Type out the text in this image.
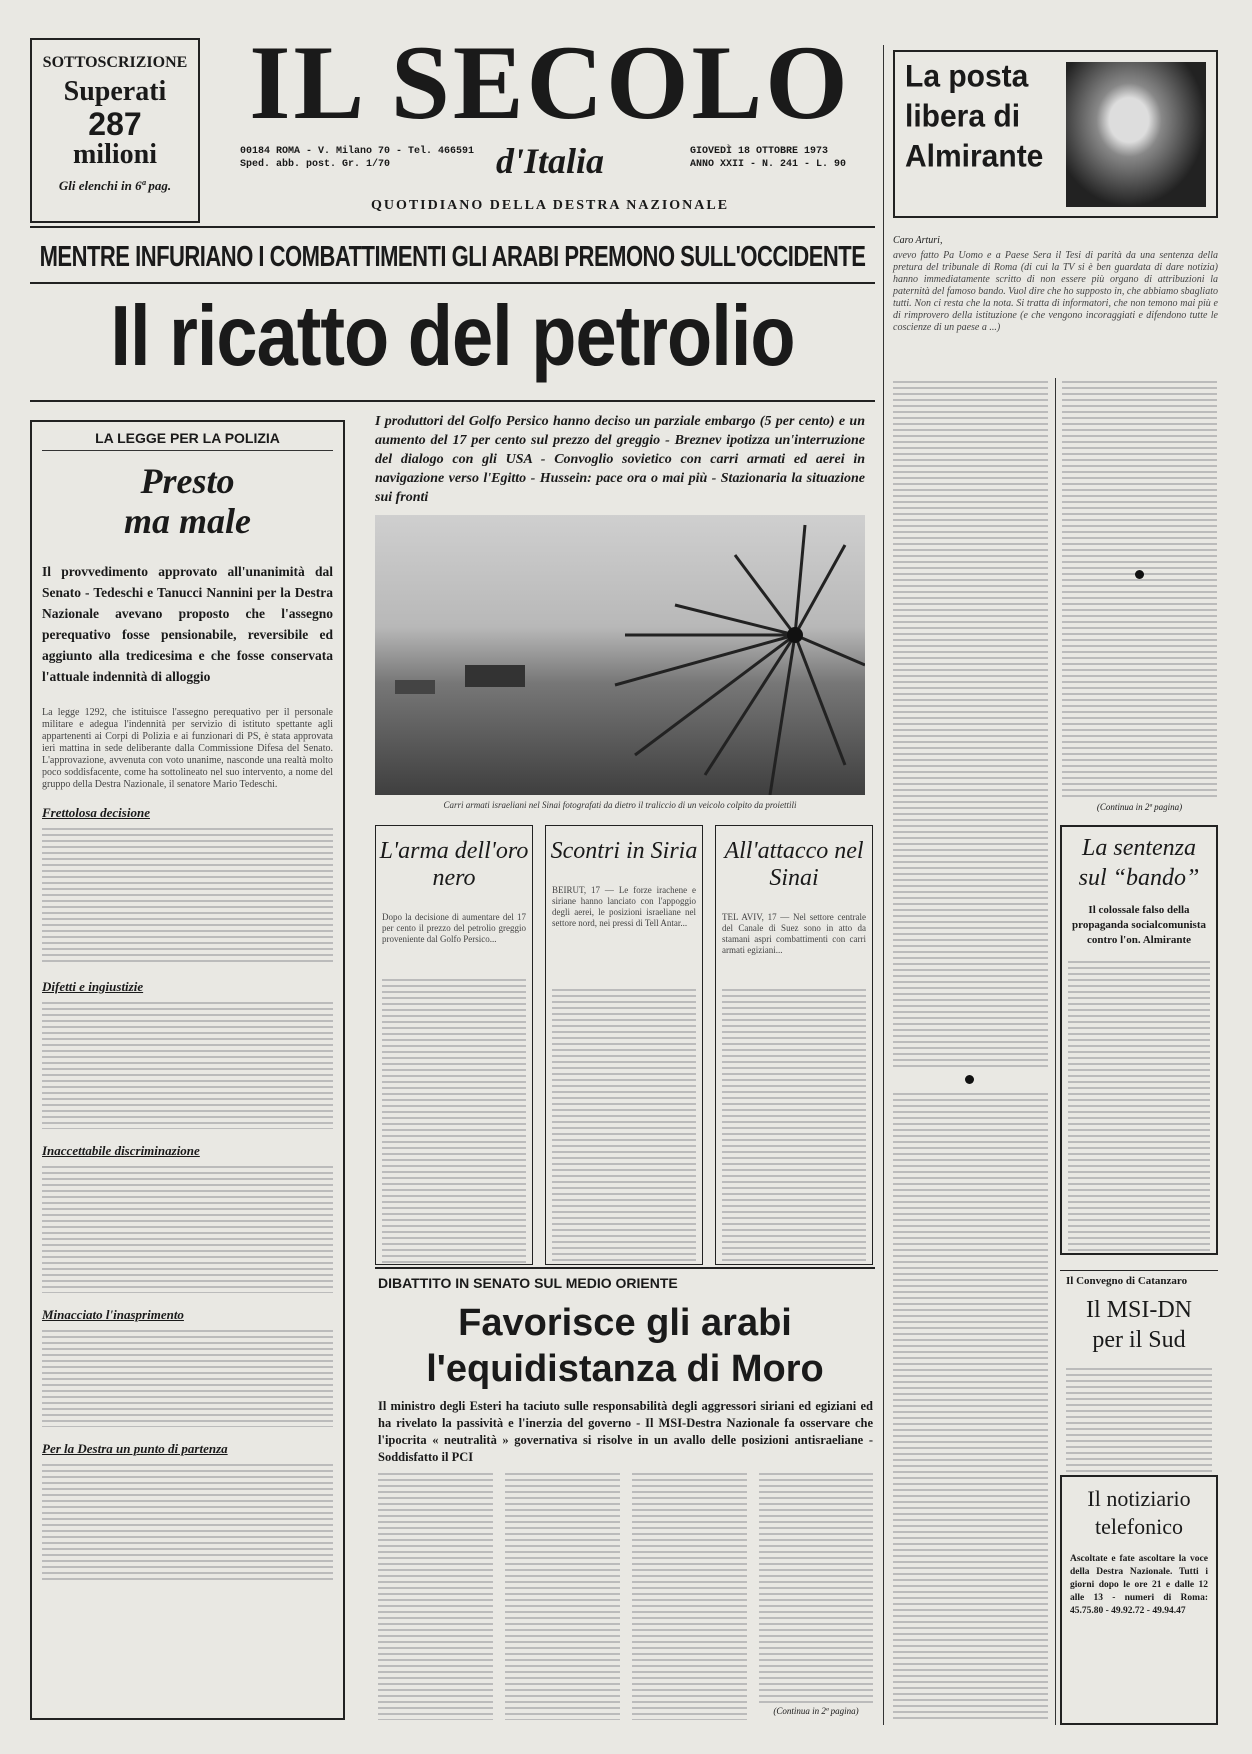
SOTTOSCRIZIONE
Superati
287
milioni
Gli elenchi in 6ª pag.
IL SECOLO
00184 ROMA - V. Milano 70 - Tel. 466591
Sped. abb. post. Gr. 1/70	d'Italia	GIOVEDÌ 18 OTTOBRE 1973
ANNO XXII - N. 241 - L. 90
QUOTIDIANO DELLA DESTRA NAZIONALE
MENTRE INFURIANO I COMBATTIMENTI GLI ARABI PREMONO SULL'OCCIDENTE
Il ricatto del petrolio
LA LEGGE PER LA POLIZIA
Presto
ma male
Il provvedimento approvato all'unanimità dal Senato - Tedeschi e Tanucci Nannini per la Destra Nazionale avevano proposto che l'assegno perequativo fosse pensionabile, reversibile ed aggiunto alla tredicesima e che fosse conservata l'attuale indennità di alloggio
La legge 1292, che istituisce l'assegno perequativo per il personale militare e adegua l'indennità per servizio di istituto spettante agli appartenenti ai Corpi di Polizia e ai funzionari di PS, è stata approvata ieri mattina in sede deliberante dalla Commissione Difesa del Senato. L'approvazione, avvenuta con voto unanime, nasconde una realtà molto poco soddisfacente, come ha sottolineato nel suo intervento, a nome del gruppo della Destra Nazionale, il senatore Mario Tedeschi.
Frettolosa decisione
Difetti e ingiustizie
Inaccettabile discriminazione
Minacciato l'inasprimento
Per la Destra un punto di partenza
I produttori del Golfo Persico hanno deciso un parziale embargo (5 per cento) e un aumento del 17 per cento sul prezzo del greggio - Breznev ipotizza un'interruzione del dialogo con gli USA - Convoglio sovietico con carri armati ed aerei in navigazione verso l'Egitto - Hussein: pace ora o mai più - Stazionaria la situazione sui fronti
Carri armati israeliani nel Sinai fotografati da dietro il traliccio di un veicolo colpito da proiettili
L'arma dell'oro nero
Dopo la decisione di aumentare del 17 per cento il prezzo del petrolio greggio proveniente dal Golfo Persico...
Scontri in Siria
BEIRUT, 17 — Le forze irachene e siriane hanno lanciato con l'appoggio degli aerei, le posizioni israeliane nel settore nord, nei pressi di Tell Antar...
All'attacco nel Sinai
TEL AVIV, 17 — Nel settore centrale del Canale di Suez sono in atto da stamani aspri combattimenti con carri armati egiziani...
DIBATTITO IN SENATO SUL MEDIO ORIENTE
Favorisce gli arabi
l'equidistanza di Moro
Il ministro degli Esteri ha taciuto sulle responsabilità degli aggressori siriani ed egiziani ed ha rivelato la passività e l'inerzia del governo - Il MSI-Destra Nazionale fa osservare che l'ipocrita « neutralità » governativa si risolve in un avallo delle posizioni antisraeliane - Soddisfatto il PCI
(Continua in 2ª pagina)
La posta libera di Almirante
Caro Arturi,
avevo fatto Pa Uomo e a Paese Sera il Tesi di parità da una sentenza della pretura del tribunale di Roma (di cui la TV si è ben guardata di dare notizia) hanno immediatamente scritto di non essere più organo di attribuzioni la paternità del famoso bando. Vuol dire che ho supposto in, che abbiamo sbagliato tutti. Non ci resta che la nota. Si tratta di informatori, che non temono mai più e di rimprovero della istituzione (e che vengono incoraggiati e difendono tutte le coscienze di un paese a ...)
(Continua in 2ª pagina)
La sentenza
sul “bando”
Il colossale falso della propaganda socialcomunista contro l'on. Almirante
Il Convegno di Catanzaro
Il MSI-DN
per il Sud
Il notiziario
telefonico
Ascoltate e fate ascoltare la voce della Destra Nazionale. Tutti i giorni dopo le ore 21 e dalle 12 alle 13 - numeri di Roma: 45.75.80 - 49.92.72 - 49.94.47
